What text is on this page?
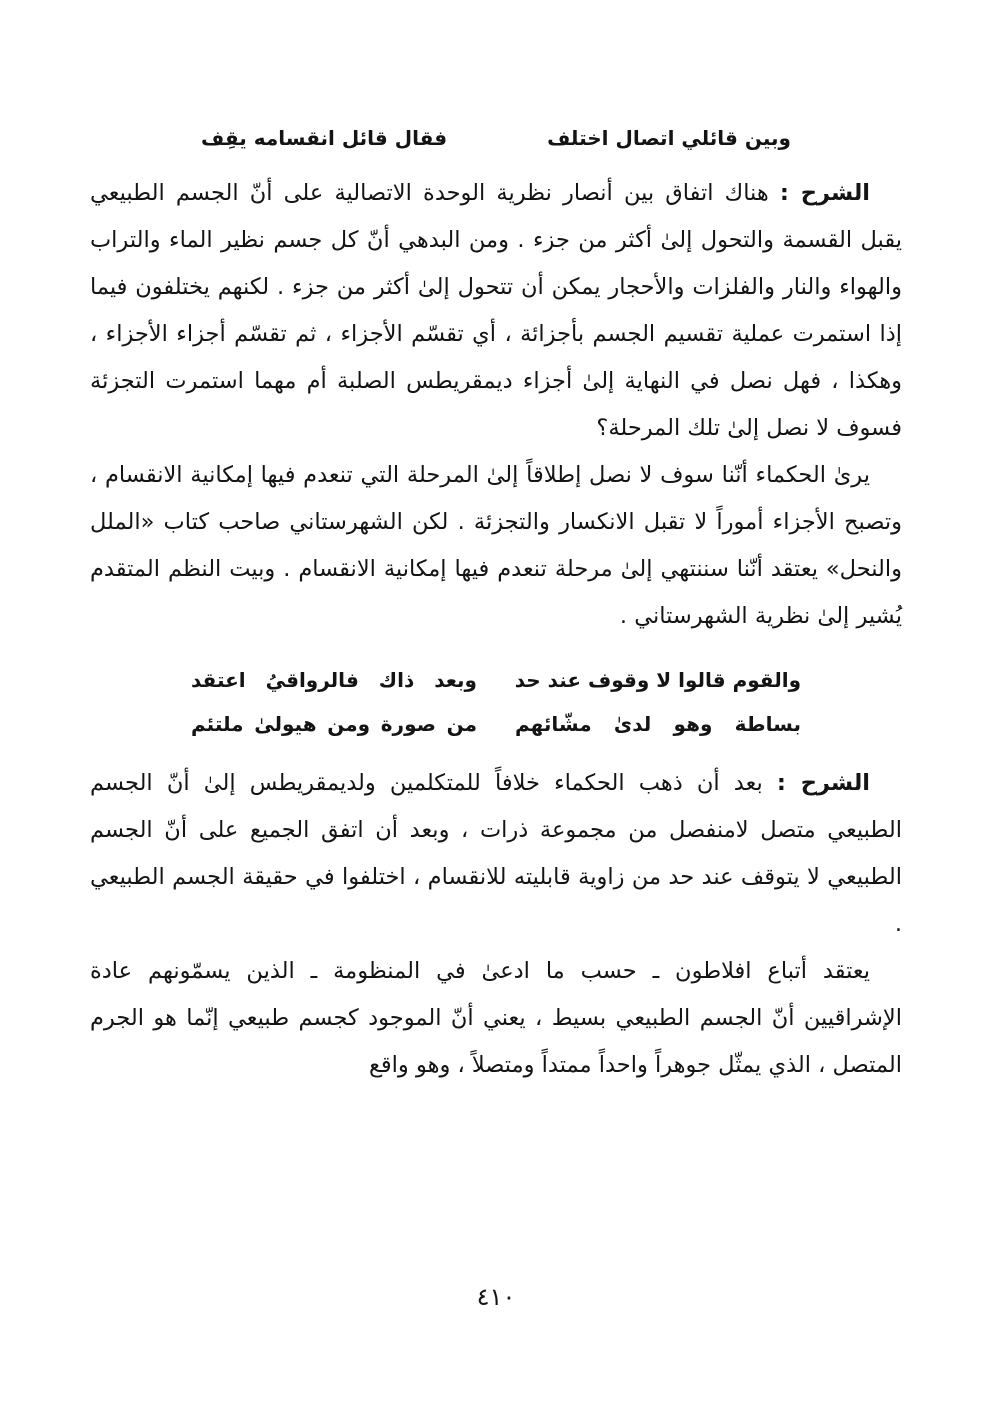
وبين قائلي اتصال اختلف
فقال قائل انقسامه يقِف

الشرح : هناك اتفاق بين أنصار نظرية الوحدة الاتصالية على أنّ الجسم الطبيعي يقبل القسمة والتحول إلىٰ أكثر من جزء . ومن البدهي أنّ كل جسم نظير الماء والتراب والهواء والنار والفلزات والأحجار يمكن أن تتحول إلىٰ أكثر من جزء . لكنهم يختلفون فيما إذا استمرت عملية تقسيم الجسم بأجزائة ، أي تقسّم الأجزاء ، ثم تقسّم أجزاء الأجزاء ، وهكذا ، فهل نصل في النهاية إلىٰ أجزاء ديمقريطس الصلبة أم مهما استمرت التجزئة فسوف لا نصل إلىٰ تلك المرحلة؟

يرىٰ الحكماء أنّنا سوف لا نصل إطلاقاً إلىٰ المرحلة التي تنعدم فيها إمكانية الانقسام ، وتصبح الأجزاء أموراً لا تقبل الانكسار والتجزئة . لكن الشهرستاني صاحب كتاب «الملل والنحل» يعتقد أنّنا سننتهي إلىٰ مرحلة تنعدم فيها إمكانية الانقسام . وبيت النظم المتقدم يُشير إلىٰ نظرية الشهرستاني .

والقوم قالوا لا وقوف عند حد
وبعد ذاك فالرواقيُ اعتقد
بساطة وهو لدىٰ مشّائهم
من صورة ومن هيولىٰ ملتئم

الشرح : بعد أن ذهب الحكماء خلافاً للمتكلمين ولديمقريطس إلىٰ أنّ الجسم الطبيعي متصل لامنفصل من مجموعة ذرات ، وبعد أن اتفق الجميع على أنّ الجسم الطبيعي لا يتوقف عند حد من زاوية قابليته للانقسام ، اختلفوا في حقيقة الجسم الطبيعي .

يعتقد أتباع افلاطون ـ حسب ما ادعىٰ في المنظومة ـ الذين يسمّونهم عادة الإشراقيين أنّ الجسم الطبيعي بسيط ، يعني أنّ الموجود كجسم طبيعي إنّما هو الجرم المتصل ، الذي يمثّل جوهراً واحداً ممتداً ومتصلاً ، وهو واقع

٤١٠
